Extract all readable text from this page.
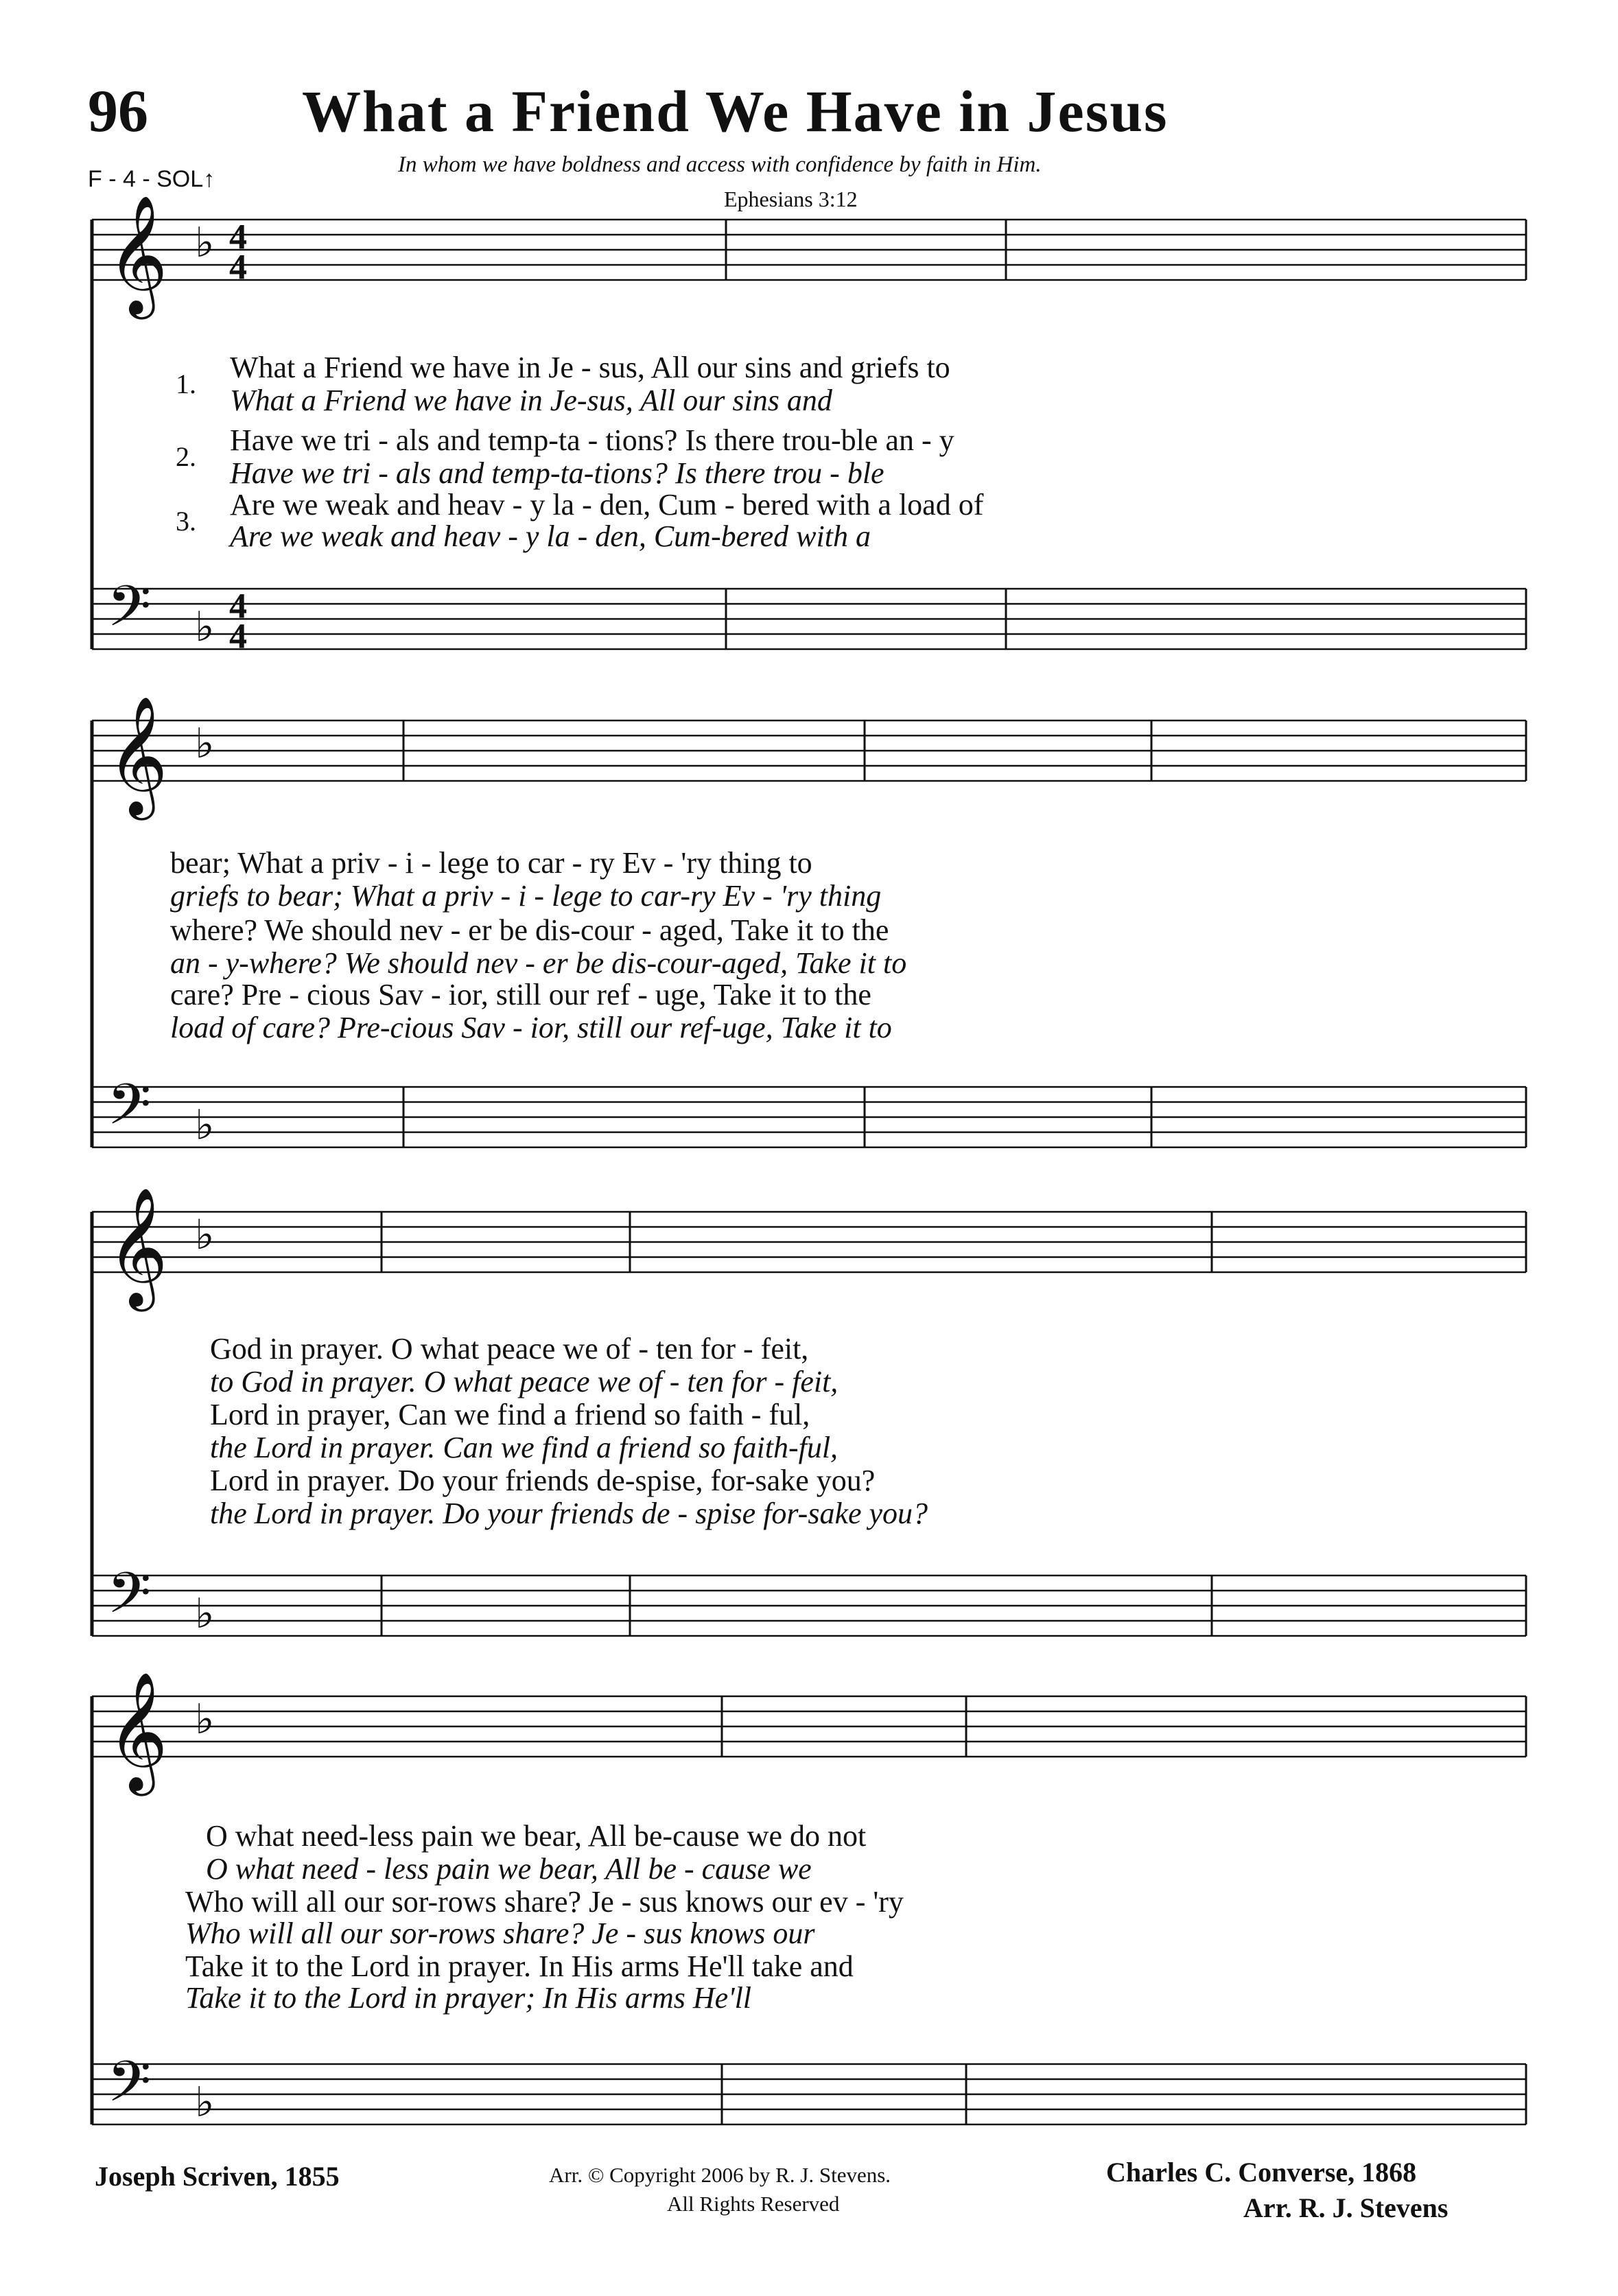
96	What a Friend We Have in Jesus
F - 4 - SOL↑
In whom we have boldness and access with confidence by faith in Him.
Ephesians 3:12
𝄞 ♭ 4
4
𝄢 ♭ 4
4
𝄞 ♭
𝄢 ♭
𝄞 ♭
𝄢 ♭
𝄞 ♭
𝄢 ♭
1.
2.
3.
What a Friend we have in Je - sus, All our sins and griefs to
What a Friend we have in Je-sus, All our sins and
Have we tri - als and temp-ta - tions? Is there trou-ble an - y
Have we tri - als and temp-ta-tions? Is there trou - ble
Are we weak and heav - y la - den, Cum - bered with a load of
Are we weak and heav - y la - den, Cum-bered with a
bear; What a priv - i - lege to car - ry Ev - 'ry thing to
griefs to bear; What a priv - i - lege to car-ry Ev - 'ry thing
where? We should nev - er be dis-cour - aged, Take it to the
an - y-where? We should nev - er be dis-cour-aged, Take it to
care? Pre - cious Sav - ior, still our ref - uge, Take it to the
load of care? Pre-cious Sav - ior, still our ref-uge, Take it to
God in prayer. O what peace we of - ten for - feit,
to God in prayer. O what peace we of - ten for - feit,
Lord in prayer, Can we find a friend so faith - ful,
the Lord in prayer. Can we find a friend so faith-ful,
Lord in prayer. Do your friends de-spise, for-sake you?
the Lord in prayer. Do your friends de - spise for-sake you?
O what need-less pain we bear, All be-cause we do not
O what need - less pain we bear, All be - cause we
Who will all our sor-rows share? Je - sus knows our ev - 'ry
Who will all our sor-rows share? Je - sus knows our
Take it to the Lord in prayer. In His arms He'll take and
Take it to the Lord in prayer; In His arms He'll
Joseph Scriven, 1855	Arr. © Copyright 2006 by R. J. Stevens.
All Rights Reserved
Charles C. Converse, 1868
Arr. R. J. Stevens
